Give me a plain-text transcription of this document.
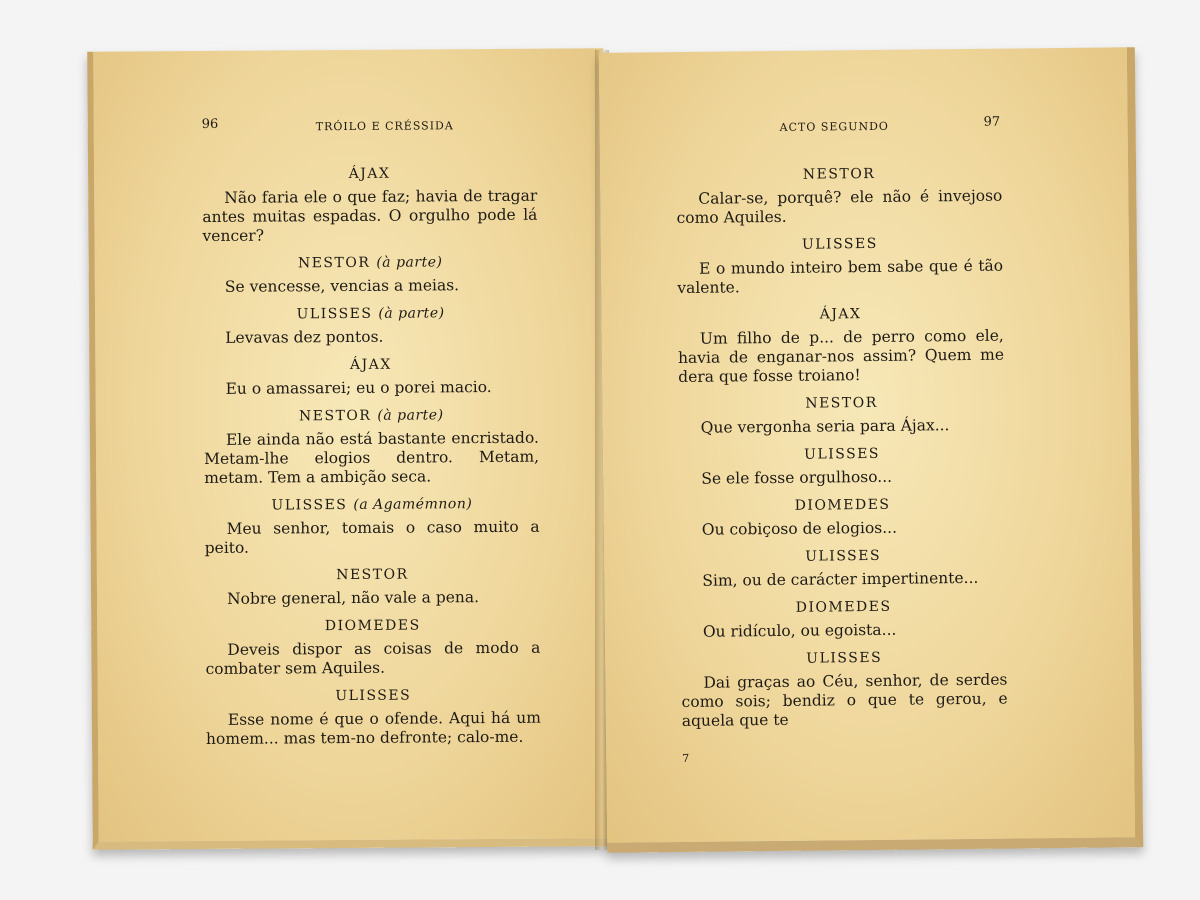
96	TRÓILO E CRÉSSIDA
ÁJAX

Não faria ele o que faz; havia de tragar antes muitas espadas. O orgulho pode lá vencer?

NESTOR (à parte)

Se vencesse, vencias a meias.

ULISSES (à parte)

Levavas dez pontos.

ÁJAX

Eu o amassarei; eu o porei macio.

NESTOR (à parte)

Ele ainda não está bastante encristado. Metam-lhe elogios dentro. Metam, metam. Tem a ambição seca.

ULISSES (a Agamémnon)

Meu senhor, tomais o caso muito a peito.

NESTOR

Nobre general, não vale a pena.

DIOMEDES

Deveis dispor as coisas de modo a combater sem Aquiles.

ULISSES

Esse nome é que o ofende. Aqui há um homem... mas tem-no defronte; calo-me.

ACTO SEGUNDO	97
NESTOR

Calar-se, porquê? ele não é invejoso como Aquiles.

ULISSES

E o mundo inteiro bem sabe que é tão valente.

ÁJAX

Um filho de p... de perro como ele, havia de enganar-nos assim? Quem me dera que fosse troiano!

NESTOR

Que vergonha seria para Ájax...

ULISSES

Se ele fosse orgulhoso...

DIOMEDES

Ou cobiçoso de elogios...

ULISSES

Sim, ou de carácter impertinente...

DIOMEDES

Ou ridículo, ou egoista...

ULISSES

Dai graças ao Céu, senhor, de serdes como sois; bendiz o que te gerou, e aquela que te

7
